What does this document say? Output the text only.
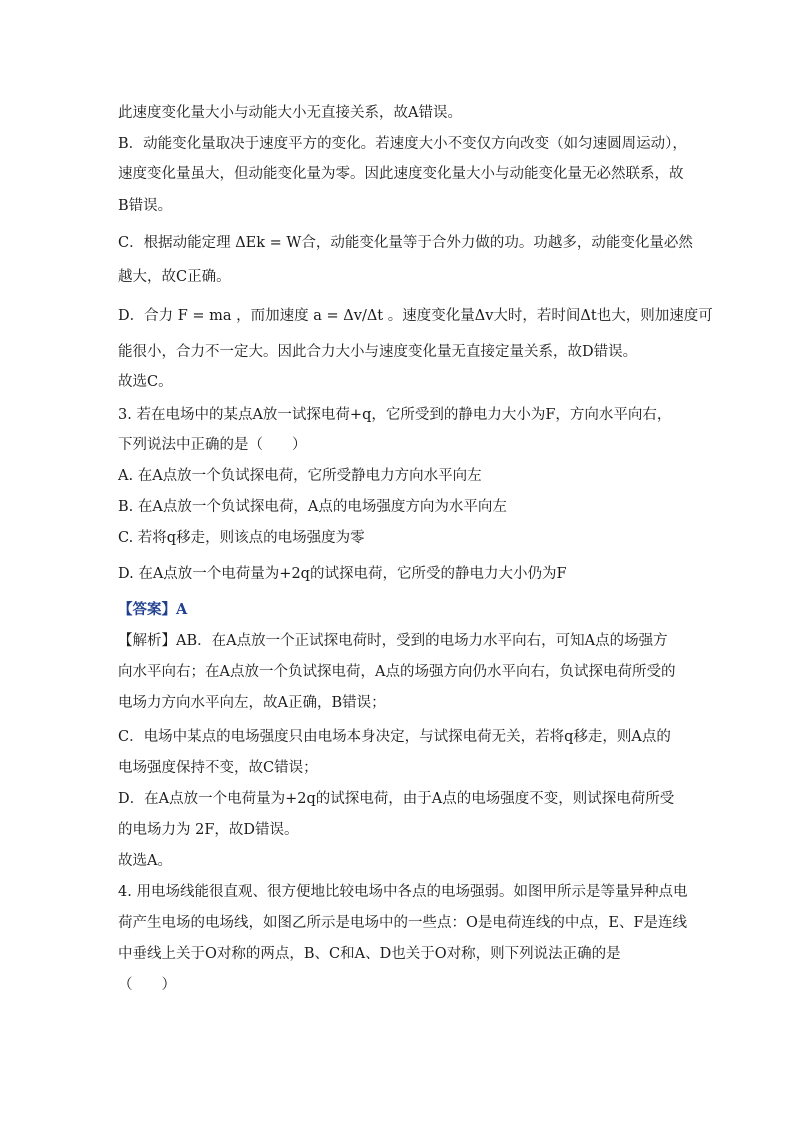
此速度变化量大小与动能大小无直接关系，故A错误。
B．动能变化量取决于速度平方的变化。若速度大小不变仅方向改变（如匀速圆周运动），
速度变化量虽大，但动能变化量为零。因此速度变化量大小与动能变化量无必然联系，故
B错误。
C．根据动能定理 ΔEk = W合，动能变化量等于合外力做的功。功越多，动能变化量必然
越大，故C正确。
D．合力 F = ma ，而加速度 a = Δv/Δt 。速度变化量Δv大时，若时间Δt也大，则加速度可
能很小，合力不一定大。因此合力大小与速度变化量无直接定量关系，故D错误。
故选C。
3. 若在电场中的某点A放一试探电荷+q，它所受到的静电力大小为F，方向水平向右，
下列说法中正确的是（　　）
A. 在A点放一个负试探电荷，它所受静电力方向水平向左
B. 在A点放一个负试探电荷，A点的电场强度方向为水平向左
C. 若将q移走，则该点的电场强度为零
D. 在A点放一个电荷量为+2q的试探电荷，它所受的静电力大小仍为F
【答案】A
【解析】AB．在A点放一个正试探电荷时，受到的电场力水平向右，可知A点的场强方
向水平向右；在A点放一个负试探电荷，A点的场强方向仍水平向右，负试探电荷所受的
电场力方向水平向左，故A正确，B错误；
C．电场中某点的电场强度只由电场本身决定，与试探电荷无关，若将q移走，则A点的
电场强度保持不变，故C错误；
D．在A点放一个电荷量为+2q的试探电荷，由于A点的电场强度不变，则试探电荷所受
的电场力为 2F，故D错误。
故选A。
4. 用电场线能很直观、很方便地比较电场中各点的电场强弱。如图甲所示是等量异种点电
荷产生电场的电场线，如图乙所示是电场中的一些点：O是电荷连线的中点，E、F是连线
中垂线上关于O对称的两点，B、C和A、D也关于O对称，则下列说法正确的是
（　　）
